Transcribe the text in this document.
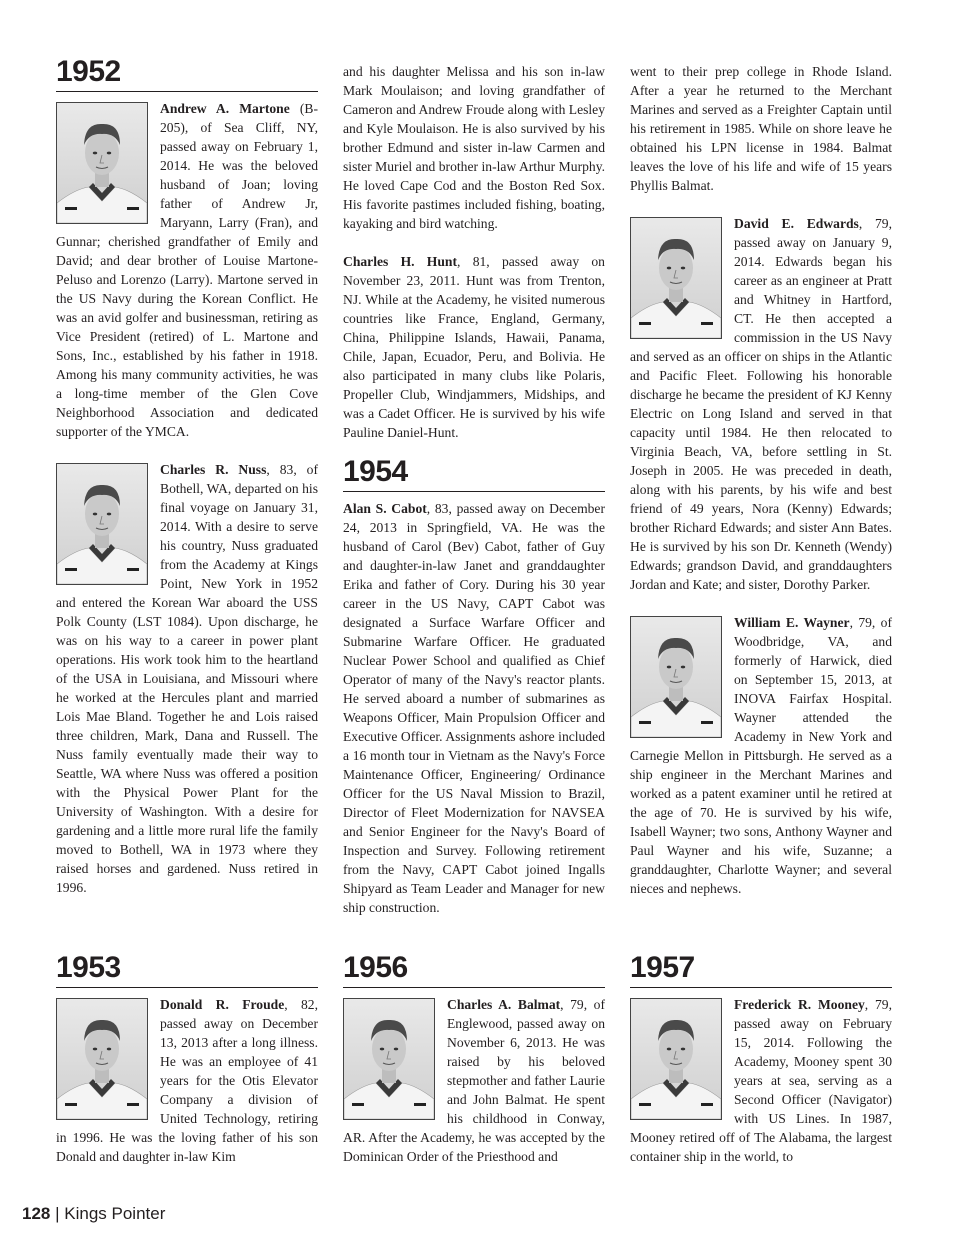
1952

Andrew A. Martone (B-205), of Sea Cliff, NY, passed away on February 1, 2014. He was the beloved husband of Joan; loving father of Andrew Jr, Maryann, Larry (Fran), and Gunnar; cherished grandfather of Emily and David; and dear brother of Louise Martone-Peluso and Lorenzo (Larry). Martone served in the US Navy during the Korean Conflict. He was an avid golfer and businessman, retiring as Vice President (retired) of L. Martone and Sons, Inc., established by his father in 1918. Among his many community activities, he was a long-time member of the Glen Cove Neighborhood Association and dedicated supporter of the YMCA.

Charles R. Nuss, 83, of Bothell, WA, departed on his final voyage on January 31, 2014. With a desire to serve his country, Nuss graduated from the Academy at Kings Point, New York in 1952 and entered the Korean War aboard the USS Polk County (LST 1084). Upon discharge, he was on his way to a career in power plant operations. His work took him to the heartland of the USA in Louisiana, and Missouri where he worked at the Hercules plant and married Lois Mae Bland. Together he and Lois raised three children, Mark, Dana and Russell. The Nuss family eventually made their way to Seattle, WA where Nuss was offered a position with the Physical Power Plant for the University of Washington. With a desire for gardening and a little more rural life the family moved to Bothell, WA in 1973 where they raised horses and gardened. Nuss retired in 1996.

1953

Donald R. Froude, 82, passed away on December 13, 2013 after a long illness. He was an employee of 41 years for the Otis Elevator Company a division of United Technology, retiring in 1996. He was the loving father of his son Donald and daughter in-law Kim

and his daughter Melissa and his son in-law Mark Moulaison; and loving grandfather of Cameron and Andrew Froude along with Lesley and Kyle Moulaison. He is also survived by his brother Edmund and sister in-law Carmen and sister Muriel and brother in-law Arthur Murphy. He loved Cape Cod and the Boston Red Sox. His favorite pastimes included fishing, boating, kayaking and bird watching.

Charles H. Hunt, 81, passed away on November 23, 2011. Hunt was from Trenton, NJ. While at the Academy, he visited numerous countries like France, England, Germany, China, Philippine Islands, Hawaii, Panama, Chile, Japan, Ecuador, Peru, and Bolivia. He also participated in many clubs like Polaris, Propeller Club, Windjammers, Midships, and was a Cadet Officer. He is survived by his wife Pauline Daniel-Hunt.

1954

Alan S. Cabot, 83, passed away on December 24, 2013 in Springfield, VA. He was the husband of Carol (Bev) Cabot, father of Guy and daughter-in-law Janet and granddaughter Erika and father of Cory. During his 30 year career in the US Navy, CAPT Cabot was designated a Surface Warfare Officer and Submarine Warfare Officer. He graduated Nuclear Power School and qualified as Chief Operator of many of the Navy's reactor plants. He served aboard a number of submarines as Weapons Officer, Main Propulsion Officer and Executive Officer. Assignments ashore included a 16 month tour in Vietnam as the Navy's Force Maintenance Officer, Engineering/ Ordinance Officer for the US Naval Mission to Brazil, Director of Fleet Modernization for NAVSEA and Senior Engineer for the Navy's Board of Inspection and Survey. Following retirement from the Navy, CAPT Cabot joined Ingalls Shipyard as Team Leader and Manager for new ship construction.

1956

Charles A. Balmat, 79, of Englewood, passed away on November 6, 2013. He was raised by his beloved stepmother and father Laurie and John Balmat. He spent his childhood in Conway, AR. After the Academy, he was accepted by the Dominican Order of the Priesthood and

went to their prep college in Rhode Island. After a year he returned to the Merchant Marines and served as a Freighter Captain until his retirement in 1985. While on shore leave he obtained his LPN license in 1984. Balmat leaves the love of his life and wife of 15 years Phyllis Balmat.

David E. Edwards, 79, passed away on January 9, 2014. Edwards began his career as an engineer at Pratt and Whitney in Hartford, CT. He then accepted a commission in the US Navy and served as an officer on ships in the Atlantic and Pacific Fleet. Following his honorable discharge he became the president of KJ Kenny Electric on Long Island and served in that capacity until 1984. He then relocated to Virginia Beach, VA, before settling in St. Joseph in 2005. He was preceded in death, along with his parents, by his wife and best friend of 49 years, Nora (Kenny) Edwards; brother Richard Edwards; and sister Ann Bates. He is survived by his son Dr. Kenneth (Wendy) Edwards; grandson David, and granddaughters Jordan and Kate; and sister, Dorothy Parker.

William E. Wayner, 79, of Woodbridge, VA, and formerly of Harwick, died on September 15, 2013, at INOVA Fairfax Hospital. Wayner attended the Academy in New York and Carnegie Mellon in Pittsburgh. He served as a ship engineer in the Merchant Marines and worked as a patent examiner until he retired at the age of 70. He is survived by his wife, Isabell Wayner; two sons, Anthony Wayner and Paul Wayner and his wife, Suzanne; a granddaughter, Charlotte Wayner; and several nieces and nephews.

1957

Frederick R. Mooney, 79, passed away on February 15, 2014. Following the Academy, Mooney spent 30 years at sea, serving as a Second Officer (Navigator) with US Lines. In 1987, Mooney retired off of The Alabama, the largest container ship in the world, to

128 | Kings Pointer
